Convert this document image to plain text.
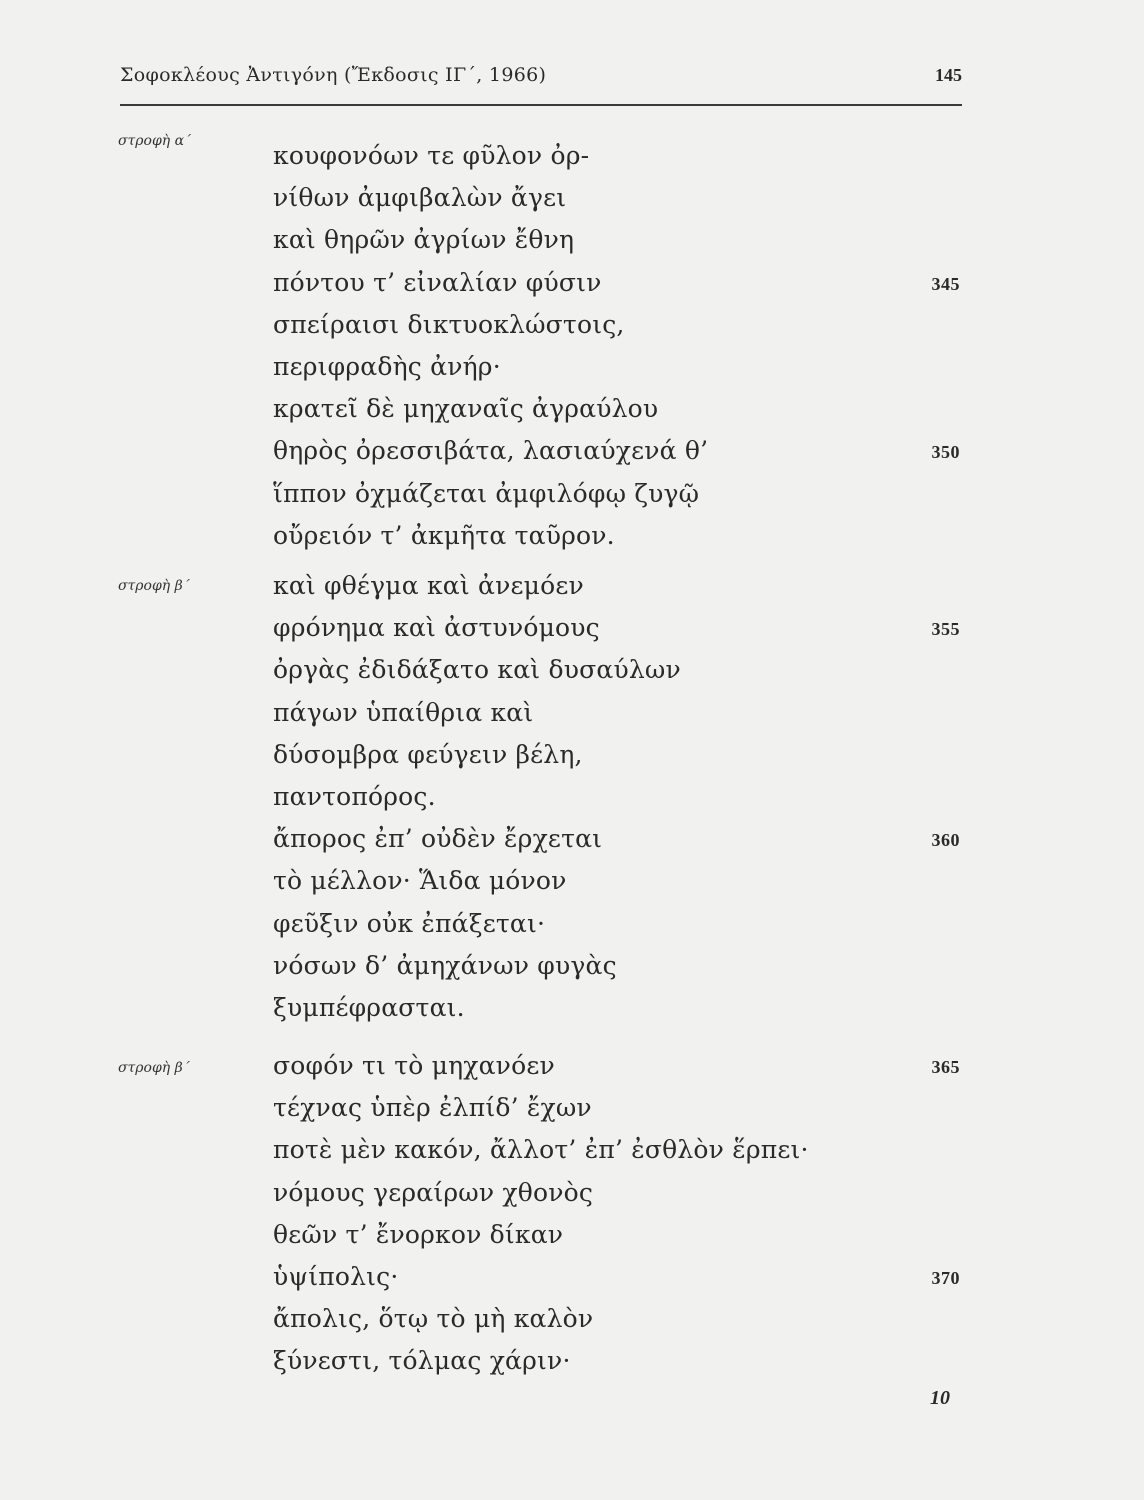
Σοφοκλέους Ἀντιγόνη (Ἔκδοσις ΙΓ΄, 1966)	145
στροφὴ α΄	κουφονόων τε φῦλον ὀρ-
νίθων ἀμφιβαλὼν ἄγει
καὶ θηρῶν ἀγρίων ἔθνη
πόντου τ’ εἰναλίαν φύσιν	345
σπείραισι δικτυοκλώστοις,
περιφραδὴς ἀνήρ·
κρατεῖ δὲ μηχαναῖς ἀγραύλου
θηρὸς ὀρεσσιβάτα, λασιαύχενά θ’	350
ἵππον ὀχμάζεται ἀμφιλόφῳ ζυγῷ
οὔρειόν τ’ ἀκμῆτα ταῦρον.
στροφὴ β΄	καὶ φθέγμα καὶ ἀνεμόεν
φρόνημα καὶ ἀστυνόμους	355
ὀργὰς ἐδιδάξατο καὶ δυσαύλων
πάγων ὑπαίθρια καὶ
δύσομβρα φεύγειν βέλη,
παντοπόρος.
ἄπορος ἐπ’ οὐδὲν ἔρχεται	360
τὸ μέλλον· Ἅιδα μόνον
φεῦξιν οὐκ ἐπάξεται·
νόσων δ’ ἀμηχάνων φυγὰς
ξυμπέφρασται.
στροφὴ β΄	σοφόν τι τὸ μηχανόεν	365
τέχνας ὑπὲρ ἐλπίδ’ ἔχων
ποτὲ μὲν κακόν, ἄλλοτ’ ἐπ’ ἐσθλὸν ἕρπει·
νόμους γεραίρων χθονὸς
θεῶν τ’ ἔνορκον δίκαν
ὑψίπολις·	370
ἄπολις, ὅτῳ τὸ μὴ καλὸν
ξύνεστι, τόλμας χάριν·
10
